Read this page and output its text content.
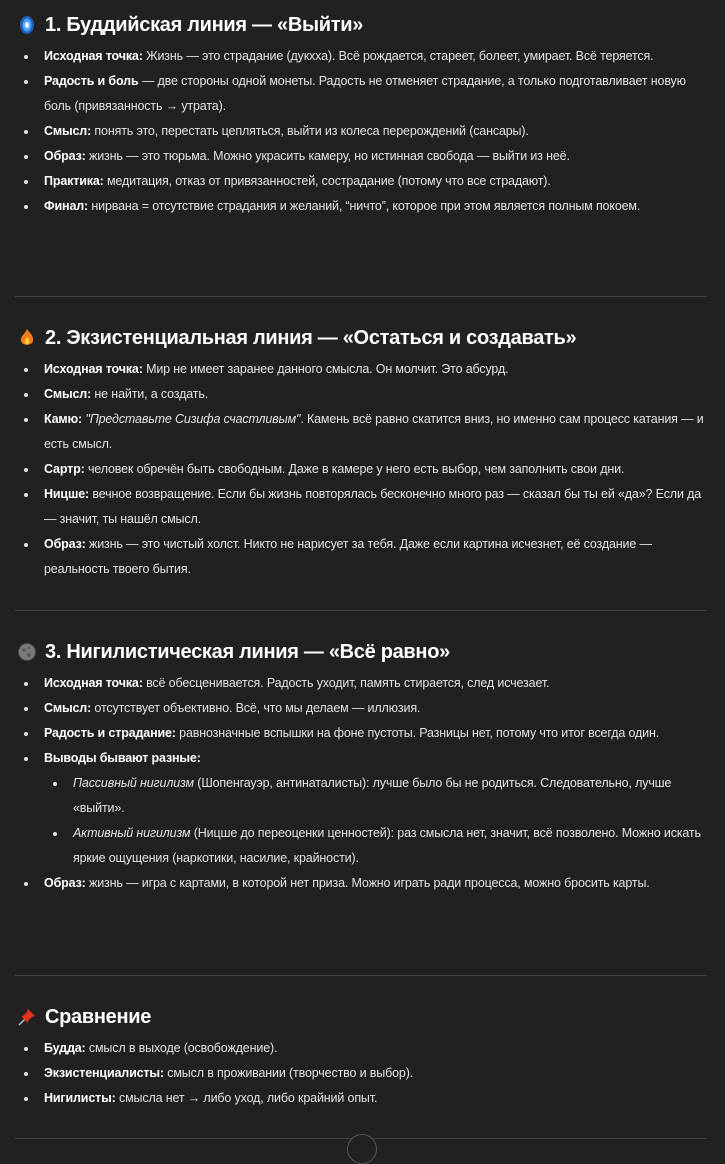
1. Буддийская линия — «Выйти»
Исходная точка: Жизнь — это страдание (дукхха). Всё рождается, стареет, болеет, умирает. Всё теряется.
Радость и боль — две стороны одной монеты. Радость не отменяет страдание, а только подготавливает новую боль (привязанность → утрата).
Смысл: понять это, перестать цепляться, выйти из колеса перерождений (сансары).
Образ: жизнь — это тюрьма. Можно украсить камеру, но истинная свобода — выйти из неё.
Практика: медитация, отказ от привязанностей, сострадание (потому что все страдают).
Финал: нирвана = отсутствие страдания и желаний, “ничто”, которое при этом является полным покоем.
2. Экзистенциальная линия — «Остаться и создавать»
Исходная точка: Мир не имеет заранее данного смысла. Он молчит. Это абсурд.
Смысл: не найти, а создать.
Камю: "Представьте Сизифа счастливым". Камень всё равно скатится вниз, но именно сам процесс катания — и есть смысл.
Сартр: человек обречён быть свободным. Даже в камере у него есть выбор, чем заполнить свои дни.
Ницше: вечное возвращение. Если бы жизнь повторялась бесконечно много раз — сказал бы ты ей «да»? Если да — значит, ты нашёл смысл.
Образ: жизнь — это чистый холст. Никто не нарисует за тебя. Даже если картина исчезнет, её создание — реальность твоего бытия.
3. Нигилистическая линия — «Всё равно»
Исходная точка: всё обесценивается. Радость уходит, память стирается, след исчезает.
Смысл: отсутствует объективно. Всё, что мы делаем — иллюзия.
Радость и страдание: равнозначные вспышки на фоне пустоты. Разницы нет, потому что итог всегда один.
Выводы бывают разные:
Пассивный нигилизм (Шопенгауэр, антинаталисты): лучше было бы не родиться. Следовательно, лучше «выйти».
Активный нигилизм (Ницше до переоценки ценностей): раз смысла нет, значит, всё позволено. Можно искать яркие ощущения (наркотики, насилие, крайности).
Образ: жизнь — игра с картами, в которой нет приза. Можно играть ради процесса, можно бросить карты.
Сравнение
Будда: смысл в выходе (освобождение).
Экзистенциалисты: смысл в проживании (творчество и выбор).
Нигилисты: смысла нет → либо уход, либо крайний опыт.
